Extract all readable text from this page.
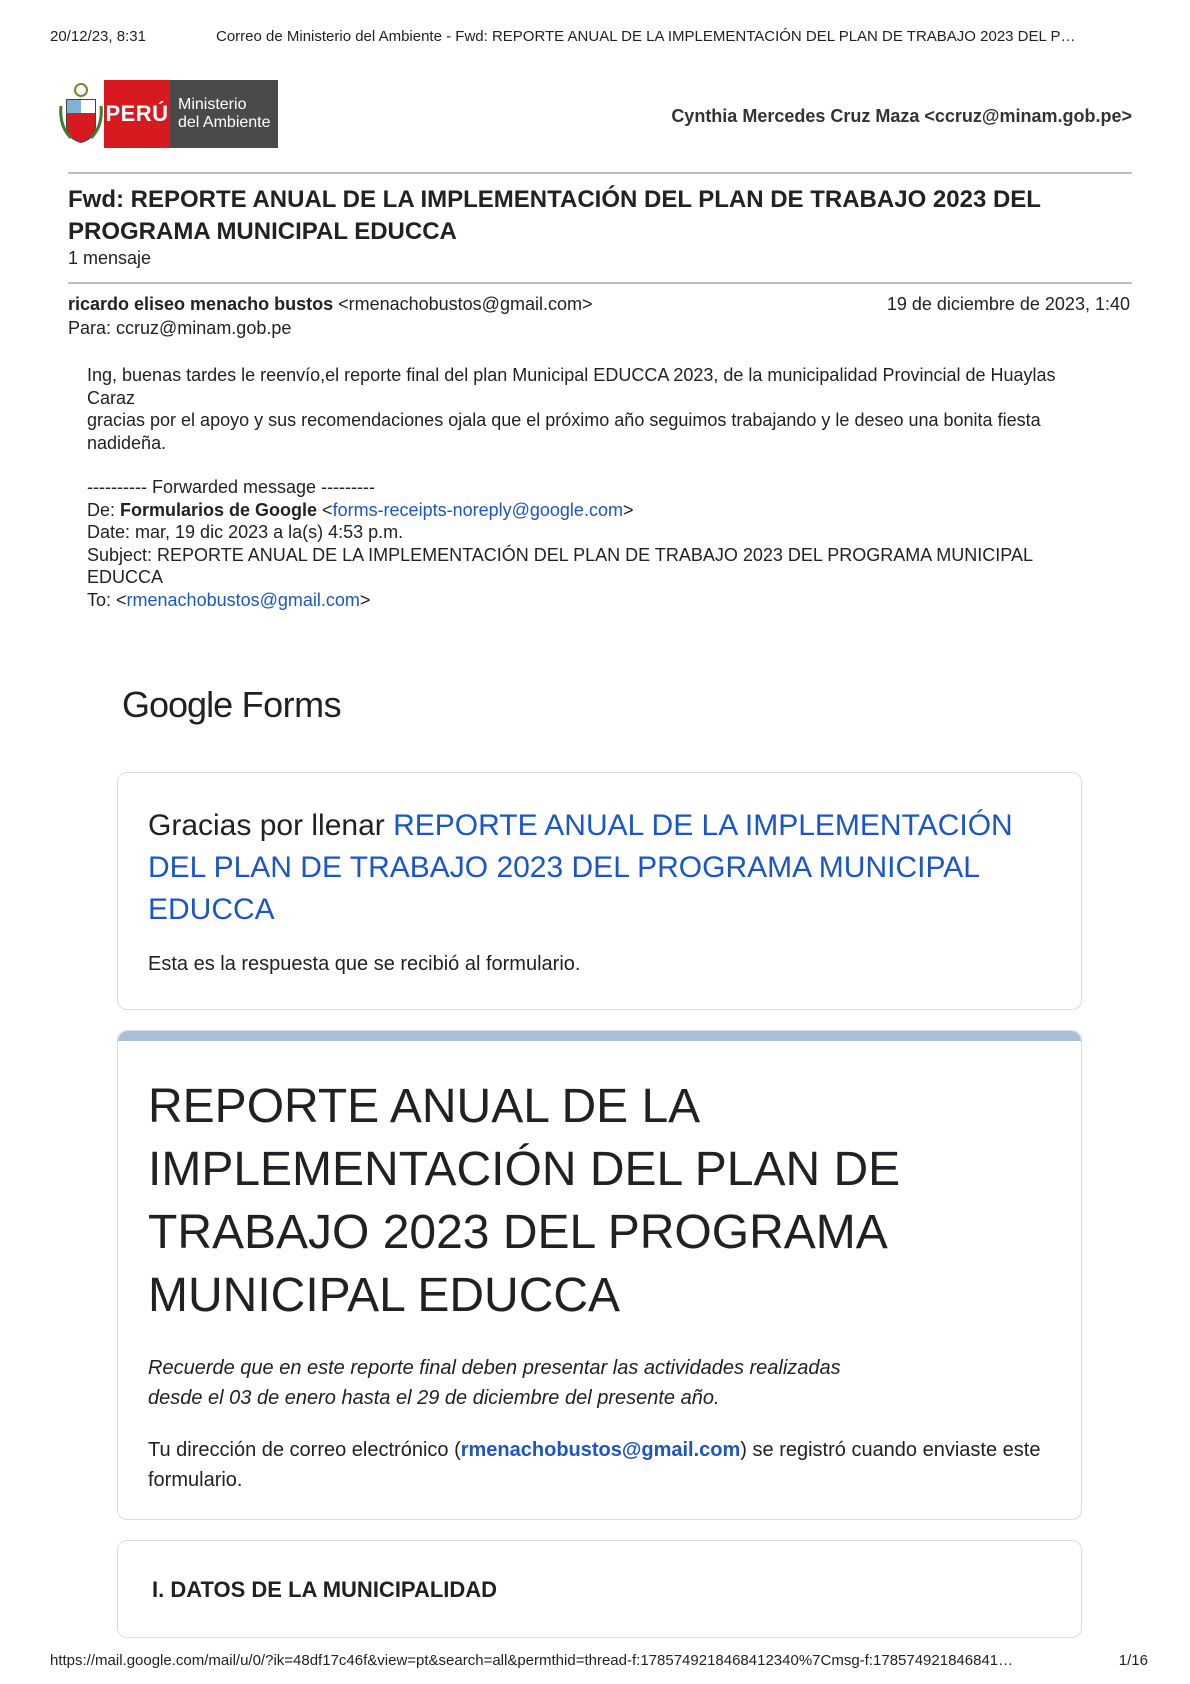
20/12/23, 8:31	Correo de Ministerio del Ambiente - Fwd: REPORTE ANUAL DE LA IMPLEMENTACIÓN DEL PLAN DE TRABAJO 2023 DEL P…
PERÚ Ministerio
del Ambiente	Cynthia Mercedes Cruz Maza <ccruz@minam.gob.pe>
Fwd: REPORTE ANUAL DE LA IMPLEMENTACIÓN DEL PLAN DE TRABAJO 2023 DEL PROGRAMA MUNICIPAL EDUCCA
1 mensaje
ricardo eliseo menacho bustos <rmenachobustos@gmail.com>	19 de diciembre de 2023, 1:40
Para: ccruz@minam.gob.pe

Ing, buenas tardes le reenvío,el reporte final del plan Municipal EDUCCA 2023, de la municipalidad Provincial de Huaylas Caraz

gracias por el apoyo y sus recomendaciones ojala que el próximo año seguimos trabajando y le deseo una bonita fiesta nadideña.

---------- Forwarded message ---------

De: Formularios de Google <forms-receipts-noreply@google.com>

Date: mar, 19 dic 2023 a la(s) 4:53 p.m.

Subject: REPORTE ANUAL DE LA IMPLEMENTACIÓN DEL PLAN DE TRABAJO 2023 DEL PROGRAMA MUNICIPAL EDUCCA

To: <rmenachobustos@gmail.com>

Google Forms
Gracias por llenar REPORTE ANUAL DE LA IMPLEMENTACIÓN DEL PLAN DE TRABAJO 2023 DEL PROGRAMA MUNICIPAL EDUCCA
Esta es la respuesta que se recibió al formulario.
REPORTE ANUAL DE LA IMPLEMENTACIÓN DEL PLAN DE TRABAJO 2023 DEL PROGRAMA MUNICIPAL EDUCCA
Recuerde que en este reporte final deben presentar las actividades realizadas desde el 03 de enero hasta el 29 de diciembre del presente año.
Tu dirección de correo electrónico (rmenachobustos@gmail.com) se registró cuando enviaste este formulario.
I. DATOS DE LA MUNICIPALIDAD
https://mail.google.com/mail/u/0/?ik=48df17c46f&view=pt&search=all&permthid=thread-f:1785749218468412340%7Cmsg-f:178574921846841…	1/16
